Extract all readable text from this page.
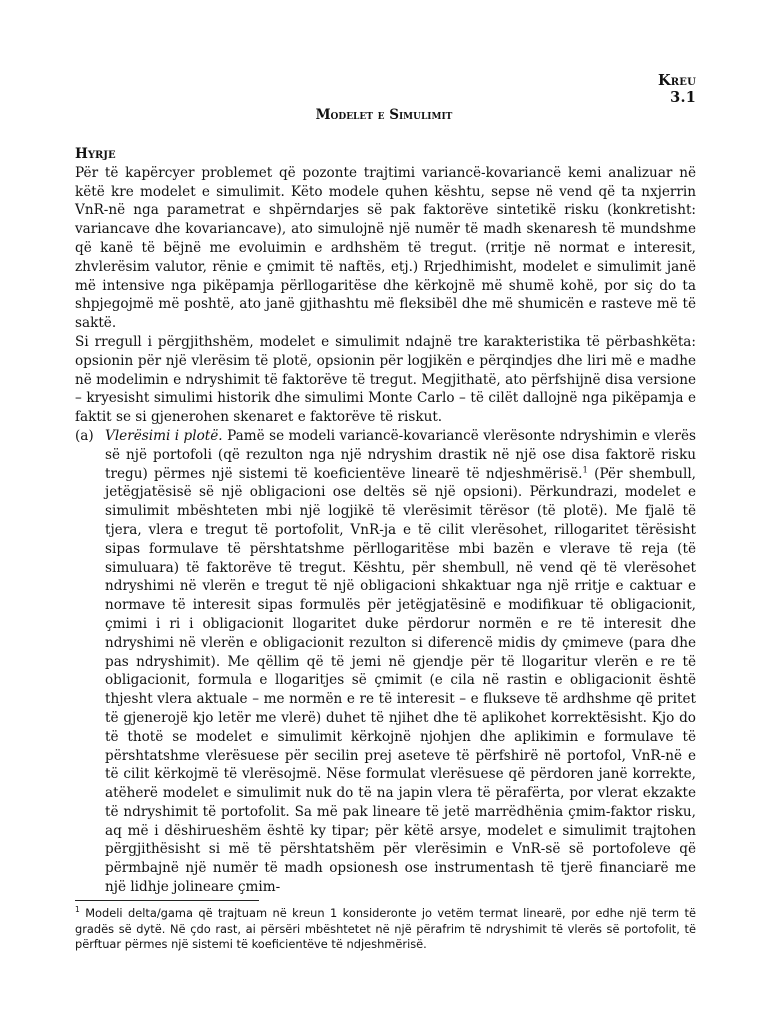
Kreu 3.1
Modelet e Simulimit
Hyrje

Për të kapërcyer problemet që pozonte trajtimi variancë-kovariancë kemi analizuar në këtë kre modelet e simulimit. Këto modele quhen kështu, sepse në vend që ta nxjerrin VnR-në nga parametrat e shpërndarjes së pak faktorëve sintetikë risku (konkretisht: variancave dhe kovariancave), ato simulojnë një numër të madh skenaresh të mundshme që kanë të bëjnë me evoluimin e ardhshëm të tregut. (rritje në normat e interesit, zhvlerësim valutor, rënie e çmimit të naftës, etj.) Rrjedhimisht, modelet e simulimit janë më intensive nga pikëpamja përllogaritëse dhe kërkojnë më shumë kohë, por siç do ta shpjegojmë më poshtë, ato janë gjithashtu më fleksibël dhe më shumicën e rasteve më të saktë.

Si rregull i përgjithshëm, modelet e simulimit ndajnë tre karakteristika të përbashkëta: opsionin për një vlerësim të plotë, opsionin për logjikën e përqindjes dhe liri më e madhe në modelimin e ndryshimit të faktorëve të tregut. Megjithatë, ato përfshijnë disa versione – kryesisht simulimi historik dhe simulimi Monte Carlo – të cilët dallojnë nga pikëpamja e faktit se si gjenerohen skenaret e faktorëve të riskut.

(a) Vlerësimi i plotë. Pamë se modeli variancë-kovariancë vlerësonte ndryshimin e vlerës së një portofoli (që rezulton nga një ndryshim drastik në një ose disa faktorë risku tregu) përmes një sistemi të koeficientëve linearë të ndjeshmërisë.$^1$ (Për shembull, jetëgjatësisë së një obligacioni ose deltës së një opsioni). Përkundrazi, modelet e simulimit mbështeten mbi një logjikë të vlerësimit tërësor (të plotë). Me fjalë të tjera, vlera e tregut të portofolit, VnR-ja e të cilit vlerësohet, rillogaritet tërësisht sipas formulave të përshtatshme përllogaritëse mbi bazën e vlerave të reja (të simuluara) të faktorëve të tregut. Kështu, për shembull, në vend që të vlerësohet ndryshimi në vlerën e tregut të një obligacioni shkaktuar nga një rritje e caktuar e normave të interesit sipas formulës për jetëgjatësinë e modifikuar të obligacionit, çmimi i ri i obligacionit llogaritet duke përdorur normën e re të interesit dhe ndryshimi në vlerën e obligacionit rezulton si diferencë midis dy çmimeve (para dhe pas ndryshimit). Me qëllim që të jemi në gjendje për të llogaritur vlerën e re të obligacionit, formula e llogaritjes së çmimit (e cila në rastin e obligacionit është thjesht vlera aktuale – me normën e re të interesit – e flukseve të ardhshme që pritet të gjenerojë kjo letër me vlerë) duhet të njihet dhe të aplikohet korrektësisht. Kjo do të thotë se modelet e simulimit kërkojnë njohjen dhe aplikimin e formulave të përshtatshme vlerësuese për secilin prej aseteve të përfshirë në portofol, VnR-në e të cilit kërkojmë të vlerësojmë. Nëse formulat vlerësuese që përdoren janë korrekte, atëherë modelet e simulimit nuk do të na japin vlera të përafërta, por vlerat ekzakte të ndryshimit të portofolit. Sa më pak lineare të jetë marrëdhënia çmim-faktor risku, aq më i dëshirueshëm është ky tipar; për këtë arsye, modelet e simulimit trajtohen përgjithësisht si më të përshtatshëm për vlerësimin e VnR-së së portofoleve që përmbajnë një numër të madh opsionesh ose instrumentash të tjerë financiarë me një lidhje jolineare çmim-

$^1$ Modeli delta/gama që trajtuam në kreun 1 konsideronte jo vetëm termat linearë, por edhe një term të gradës së dytë. Në çdo rast, ai përsëri mbështetet në një përafrim të ndryshimit të vlerës së portofolit, të përftuar përmes një sistemi të koeficientëve të ndjeshmërisë.
